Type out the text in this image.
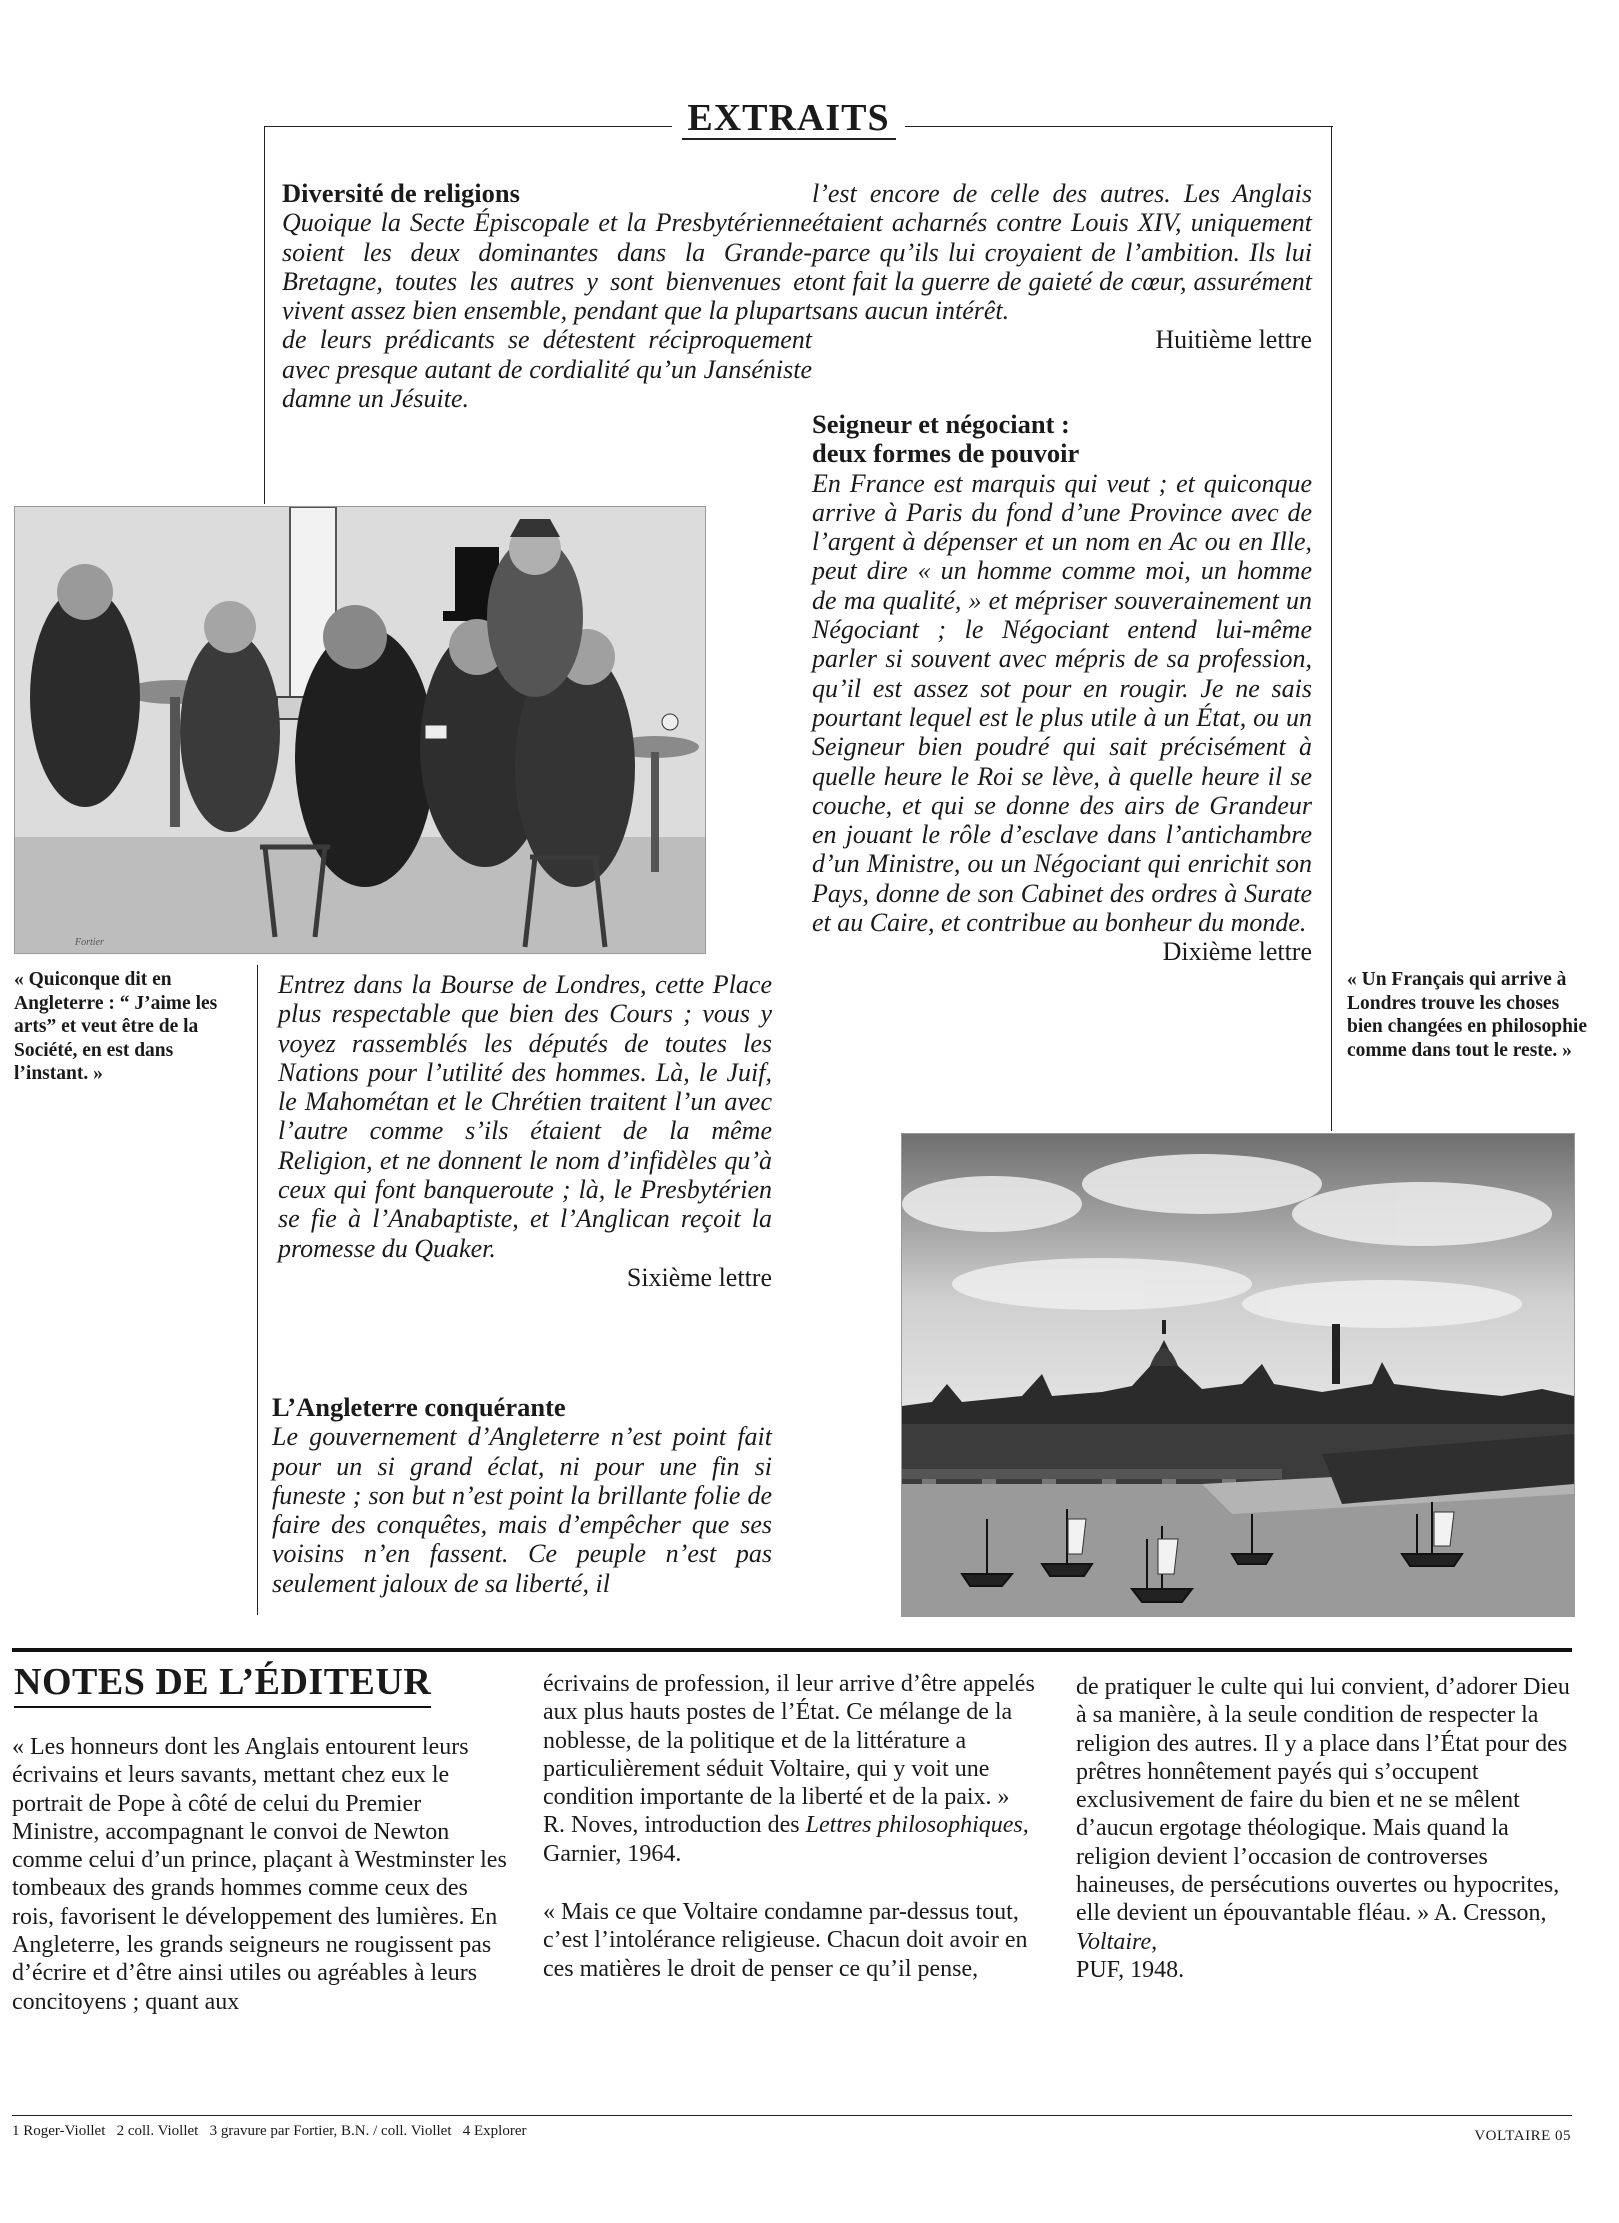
EXTRAITS
Diversité de religions

Quoique la Secte Épiscopale et la Presbytérienne soient les deux dominantes dans la Grande-Bretagne, toutes les autres y sont bienvenues et vivent assez bien ensemble, pendant que la plupart de leurs prédicants se détestent réciproquement avec presque autant de cordialité qu’un Janséniste damne un Jésuite.

Entrez dans la Bourse de Londres, cette Place plus respectable que bien des Cours ; vous y voyez rassemblés les députés de toutes les Nations pour l’utilité des hommes. Là, le Juif, le Mahométan et le Chrétien traitent l’un avec l’autre comme s’ils étaient de la même Religion, et ne donnent le nom d’infidèles qu’à ceux qui font banqueroute ; là, le Presbytérien se fie à l’Anabaptiste, et l’Anglican reçoit la promesse du Quaker.

Sixième lettre

L’Angleterre conquérante

Le gouvernement d’Angleterre n’est point fait pour un si grand éclat, ni pour une fin si funeste ; son but n’est point la brillante folie de faire des conquêtes, mais d’empêcher que ses voisins n’en fassent. Ce peuple n’est pas seulement jaloux de sa liberté, il

l’est encore de celle des autres. Les Anglais étaient acharnés contre Louis XIV, uniquement parce qu’ils lui croyaient de l’ambition. Ils lui ont fait la guerre de gaieté de cœur, assurément sans aucun intérêt.

Huitième lettre

Seigneur et négociant :
deux formes de pouvoir

En France est marquis qui veut ; et quiconque arrive à Paris du fond d’une Province avec de l’argent à dépenser et un nom en Ac ou en Ille, peut dire « un homme comme moi, un homme de ma qualité, » et mépriser souverainement un Négociant ; le Négociant entend lui-même parler si souvent avec mépris de sa profession, qu’il est assez sot pour en rougir. Je ne sais pourtant lequel est le plus utile à un État, ou un Seigneur bien poudré qui sait précisément à quelle heure le Roi se lève, à quelle heure il se couche, et qui se donne des airs de Grandeur en jouant le rôle d’esclave dans l’antichambre d’un Ministre, ou un Négociant qui enrichit son Pays, donne de son Cabinet des ordres à Surate et au Caire, et contribue au bonheur du monde.

Dixième lettre

« Quiconque dit en Angleterre : “ J’aime les arts” et veut être de la Société, en est dans l’instant. »
« Un Français qui arrive à Londres trouve les choses bien changées en philosophie comme dans tout le reste. »
Fortier
NOTES DE L’ÉDITEUR

« Les honneurs dont les Anglais entourent leurs écrivains et leurs savants, mettant chez eux le portrait de Pope à côté de celui du Premier Ministre, accompagnant le convoi de Newton comme celui d’un prince, plaçant à Westminster les tombeaux des grands hommes comme ceux des rois, favorisent le développement des lumières. En Angleterre, les grands seigneurs ne rougissent pas d’écrire et d’être ainsi utiles ou agréables à leurs concitoyens ; quant aux

écrivains de profession, il leur arrive d’être appelés aux plus hauts postes de l’État. Ce mélange de la noblesse, de la politique et de la littérature a particulièrement séduit Voltaire, qui y voit une condition importante de la liberté et de la paix. »

R. Noves, introduction des Lettres philosophiques, Garnier, 1964.

« Mais ce que Voltaire condamne par-dessus tout, c’est l’intolérance religieuse. Chacun doit avoir en ces matières le droit de penser ce qu’il pense,

de pratiquer le culte qui lui convient, d’adorer Dieu à sa manière, à la seule condition de respecter la religion des autres. Il y a place dans l’État pour des prêtres honnêtement payés qui s’occupent exclusivement de faire du bien et ne se mêlent d’aucun ergotage théologique. Mais quand la religion devient l’occasion de controverses haineuses, de persécutions ouvertes ou hypocrites, elle devient un épouvantable fléau. » A. Cresson, Voltaire,
PUF, 1948.

1 Roger-Viollet   2 coll. Viollet   3 gravure par Fortier, B.N. / coll. Viollet   4 Explorer	VOLTAIRE 05
